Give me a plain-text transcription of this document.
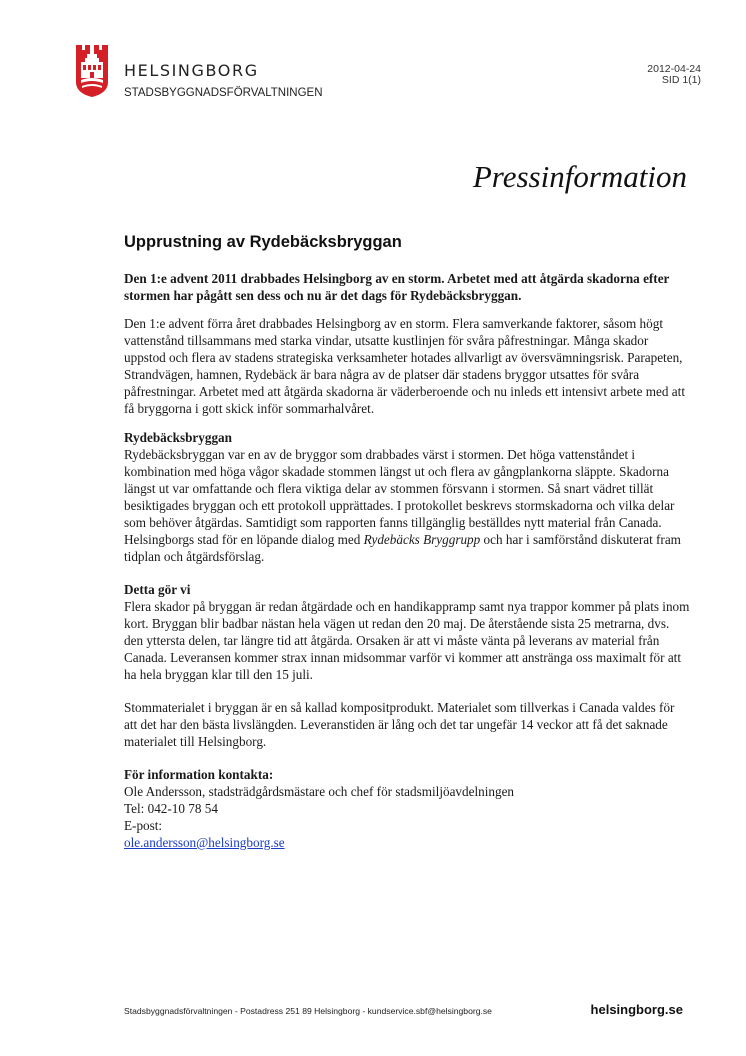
HELSINGBORG
STADSBYGGNADSFÖRVALTNINGEN
2012-04-24
SID 1(1)
Pressinformation
Upprustning av Rydebäcksbryggan

Den 1:e advent 2011 drabbades Helsingborg av en storm. Arbetet med att åtgärda skadorna efter stormen har pågått sen dess och nu är det dags för Rydebäcksbryggan.

Den 1:e advent förra året drabbades Helsingborg av en storm. Flera samverkande faktorer, såsom högt vattenstånd tillsammans med starka vindar, utsatte kustlinjen för svåra påfrestningar. Många skador uppstod och flera av stadens strategiska verksamheter hotades allvarligt av översvämningsrisk. Parapeten, Strandvägen, hamnen, Rydebäck är bara några av de platser där stadens bryggor utsattes för svåra påfrestningar. Arbetet med att åtgärda skadorna är väderberoende och nu inleds ett intensivt arbete med att få bryggorna i gott skick inför sommarhalvåret.

Rydebäcksbryggan
Rydebäcksbryggan var en av de bryggor som drabbades värst i stormen. Det höga vattenståndet i kombination med höga vågor skadade stommen längst ut och flera av gångplankorna släppte. Skadorna längst ut var omfattande och flera viktiga delar av stommen försvann i stormen. Så snart vädret tillät besiktigades bryggan och ett protokoll upprättades. I protokollet beskrevs stormskadorna och vilka delar som behöver åtgärdas. Samtidigt som rapporten fanns tillgänglig beställdes nytt material från Canada. Helsingborgs stad för en löpande dialog med Rydebäcks Bryggrupp och har i samförstånd diskuterat fram tidplan och åtgärdsförslag.

Detta gör vi
Flera skador på bryggan är redan åtgärdade och en handikappramp samt nya trappor kommer på plats inom kort. Bryggan blir badbar nästan hela vägen ut redan den 20 maj. De återstående sista 25 metrarna, dvs. den yttersta delen, tar längre tid att åtgärda. Orsaken är att vi måste vänta på leverans av material från Canada. Leveransen kommer strax innan midsommar varför vi kommer att anstränga oss maximalt för att ha hela bryggan klar till den 15 juli.

Stommaterialet i bryggan är en så kallad kompositprodukt. Materialet som tillverkas i Canada valdes för att det har den bästa livslängden. Leveranstiden är lång och det tar ungefär 14 veckor att få det saknade materialet till Helsingborg.

För information kontakta:
Ole Andersson, stadsträdgårdsmästare och chef för stadsmiljöavdelningen
Tel: 042-10 78 54
E-post:
ole.andersson@helsingborg.se

Stadsbyggnadsförvaltningen - Postadress 251 89 Helsingborg - kundservice.sbf@helsingborg.se	helsingborg.se
